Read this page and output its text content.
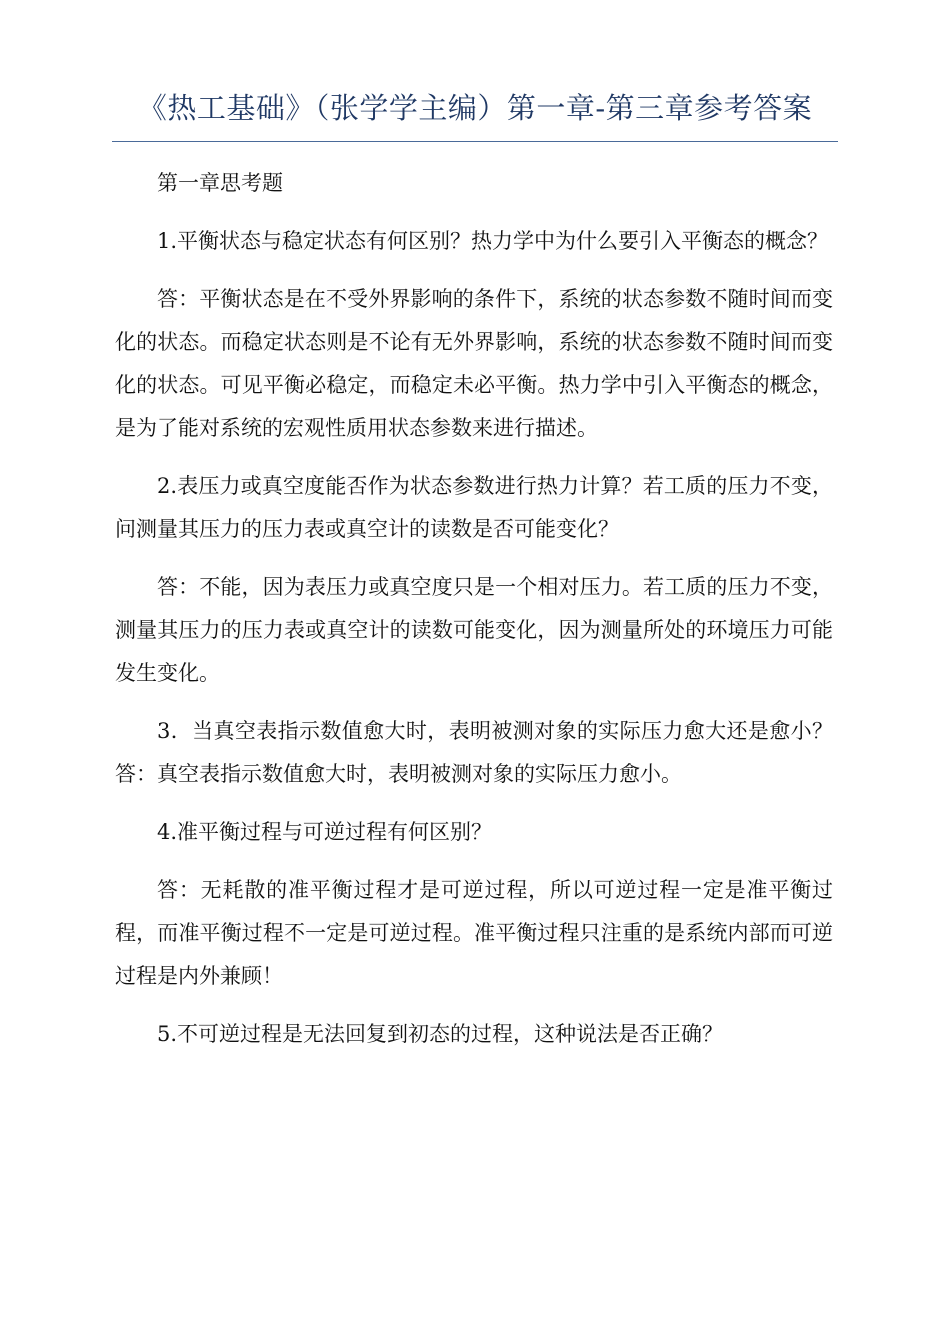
《热工基础》（张学学主编）第一章-第三章参考答案

第一章思考题

1.平衡状态与稳定状态有何区别？热力学中为什么要引入平衡态的概念？

答：平衡状态是在不受外界影响的条件下，系统的状态参数不随时间而变化的状态。而稳定状态则是不论有无外界影响，系统的状态参数不随时间而变化的状态。可见平衡必稳定，而稳定未必平衡。热力学中引入平衡态的概念，是为了能对系统的宏观性质用状态参数来进行描述。

2.表压力或真空度能否作为状态参数进行热力计算？若工质的压力不变，问测量其压力的压力表或真空计的读数是否可能变化？

答：不能，因为表压力或真空度只是一个相对压力。若工质的压力不变，测量其压力的压力表或真空计的读数可能变化，因为测量所处的环境压力可能发生变化。

3．当真空表指示数值愈大时，表明被测对象的实际压力愈大还是愈小？答：真空表指示数值愈大时，表明被测对象的实际压力愈小。

4.准平衡过程与可逆过程有何区别？

答：无耗散的准平衡过程才是可逆过程，所以可逆过程一定是准平衡过程，而准平衡过程不一定是可逆过程。准平衡过程只注重的是系统内部而可逆过程是内外兼顾！

5.不可逆过程是无法回复到初态的过程，这种说法是否正确？
